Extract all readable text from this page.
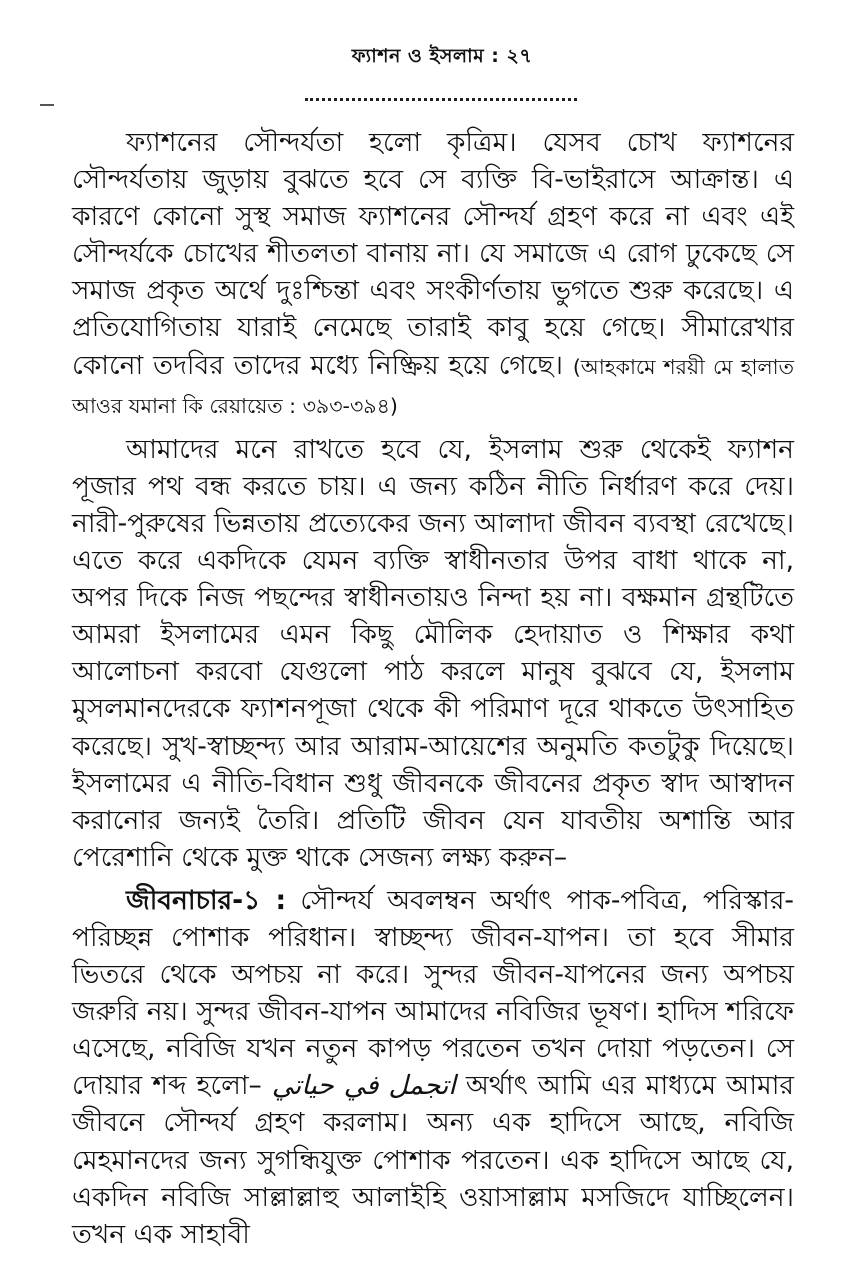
ফ্যাশন ও ইসলাম : ২৭

ফ্যাশনের সৌন্দর্যতা হলো কৃত্রিম। যেসব চোখ ফ্যাশনের সৌন্দর্যতায় জুড়ায় বুঝতে হবে সে ব্যক্তি বি-ভাইরাসে আক্রান্ত। এ কারণে কোনো সুস্থ সমাজ ফ্যাশনের সৌন্দর্য গ্রহণ করে না এবং এই সৌন্দর্যকে চোখের শীতলতা বানায় না। যে সমাজে এ রোগ ঢুকেছে সে সমাজ প্রকৃত অর্থে দুঃশ্চিন্তা এবং সংকীর্ণতায় ভুগতে শুরু করেছে। এ প্রতিযোগিতায় যারাই নেমেছে তারাই কাবু হয়ে গেছে। সীমারেখার কোনো তদবির তাদের মধ্যে নিষ্ক্রিয় হয়ে গেছে। (আহকামে শরয়ী মে হালাত আওর যমানা কি রেয়ায়েত : ৩৯৩-৩৯৪)

আমাদের মনে রাখতে হবে যে, ইসলাম শুরু থেকেই ফ্যাশন পূজার পথ বন্ধ করতে চায়। এ জন্য কঠিন নীতি নির্ধারণ করে দেয়। নারী-পুরুষের ভিন্নতায় প্রত্যেকের জন্য আলাদা জীবন ব্যবস্থা রেখেছে। এতে করে একদিকে যেমন ব্যক্তি স্বাধীনতার উপর বাধা থাকে না, অপর দিকে নিজ পছন্দের স্বাধীনতায়ও নিন্দা হয় না। বক্ষমান গ্রন্থটিতে আমরা ইসলামের এমন কিছু মৌলিক হেদায়াত ও শিক্ষার কথা আলোচনা করবো যেগুলো পাঠ করলে মানুষ বুঝবে যে, ইসলাম মুসলমানদেরকে ফ্যাশনপূজা থেকে কী পরিমাণ দূরে থাকতে উৎসাহিত করেছে। সুখ-স্বাচ্ছন্দ্য আর আরাম-আয়েশের অনুমতি কতটুকু দিয়েছে। ইসলামের এ নীতি-বিধান শুধু জীবনকে জীবনের প্রকৃত স্বাদ আস্বাদন করানোর জন্যই তৈরি। প্রতিটি জীবন যেন যাবতীয় অশান্তি আর পেরেশানি থেকে মুক্ত থাকে সেজন্য লক্ষ্য করুন–

জীবনাচার-১ : সৌন্দর্য অবলম্বন অর্থাৎ পাক-পবিত্র, পরিস্কার-পরিচ্ছন্ন পোশাক পরিধান। স্বাচ্ছন্দ্য জীবন-যাপন। তা হবে সীমার ভিতরে থেকে অপচয় না করে। সুন্দর জীবন-যাপনের জন্য অপচয় জরুরি নয়। সুন্দর জীবন-যাপন আমাদের নবিজির ভূষণ। হাদিস শরিফে এসেছে, নবিজি যখন নতুন কাপড় পরতেন তখন দোয়া পড়তেন। সে দোয়ার শব্দ হলো– اتجمل في حياتي অর্থাৎ আমি এর মাধ্যমে আমার জীবনে সৌন্দর্য গ্রহণ করলাম। অন্য এক হাদিসে আছে, নবিজি মেহমানদের জন্য সুগন্ধিযুক্ত পোশাক পরতেন। এক হাদিসে আছে যে, একদিন নবিজি সাল্লাল্লাহু আলাইহি ওয়াসাল্লাম মসজিদে যাচ্ছিলেন। তখন এক সাহাবী
